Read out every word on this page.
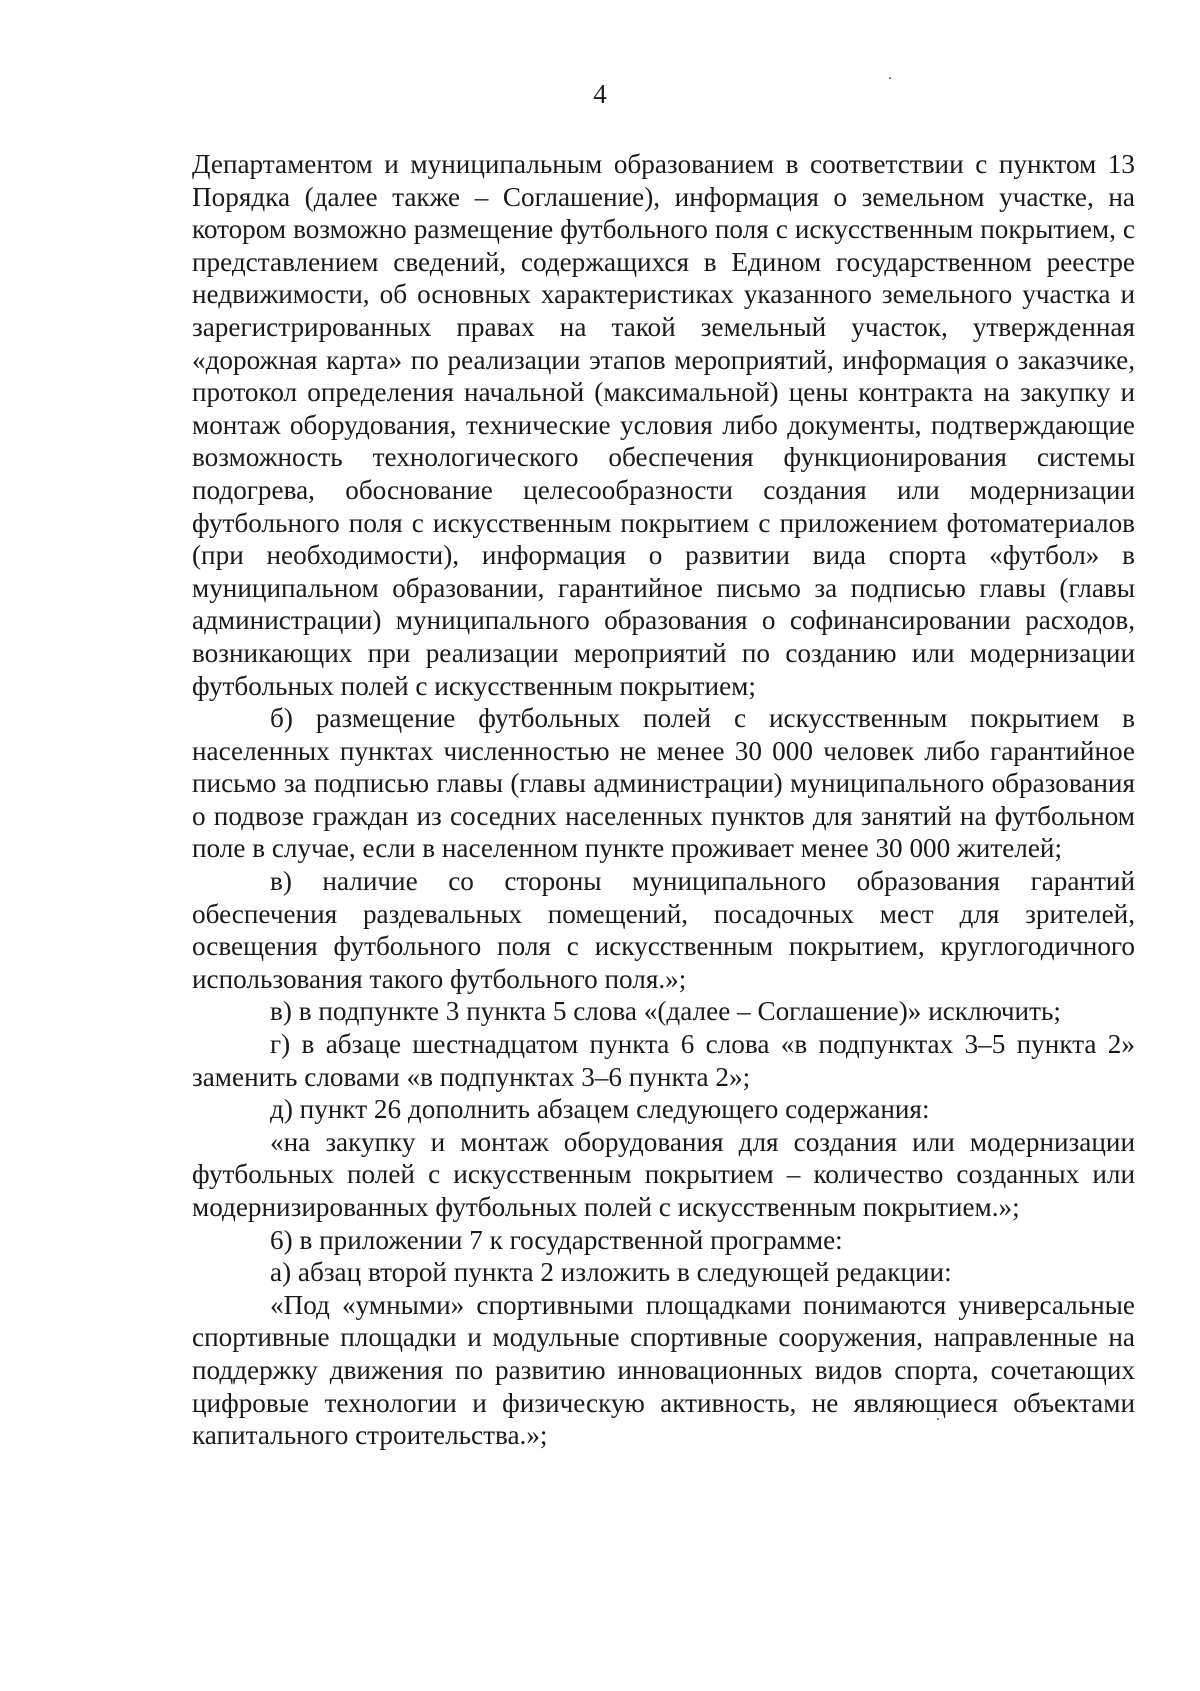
4

Департаментом и муниципальным образованием в соответствии с пунктом 13 Порядка (далее также – Соглашение), информация о земельном участке, на котором возможно размещение футбольного поля с искусственным покрытием, с представлением сведений, содержащихся в Едином государственном реестре недвижимости, об основных характеристиках указанного земельного участка и зарегистрированных правах на такой земельный участок, утвержденная «дорожная карта» по реализации этапов мероприятий, информация о заказчике, протокол определения начальной (максимальной) цены контракта на закупку и монтаж оборудования, технические условия либо документы, подтверждающие возможность технологического обеспечения функционирования системы подогрева, обоснование целесообразности создания или модернизации футбольного поля с искусственным покрытием с приложением фотоматериалов (при необходимости), информация о развитии вида спорта «футбол» в муниципальном образовании, гарантийное письмо за подписью главы (главы администрации) муниципального образования о софинансировании расходов, возникающих при реализации мероприятий по созданию или модернизации футбольных полей с искусственным покрытием;

б) размещение футбольных полей с искусственным покрытием в населенных пунктах численностью не менее 30 000 человек либо гарантийное письмо за подписью главы (главы администрации) муниципального образования о подвозе граждан из соседних населенных пунктов для занятий на футбольном поле в случае, если в населенном пункте проживает менее 30 000 жителей;

в) наличие со стороны муниципального образования гарантий обеспечения раздевальных помещений, посадочных мест для зрителей, освещения футбольного поля с искусственным покрытием, круглогодичного использования такого футбольного поля.»;

в) в подпункте 3 пункта 5 слова «(далее – Соглашение)» исключить;

г) в абзаце шестнадцатом пункта 6 слова «в подпунктах 3–5 пункта 2» заменить словами «в подпунктах 3–6 пункта 2»;

д) пункт 26 дополнить абзацем следующего содержания:

«на закупку и монтаж оборудования для создания или модернизации футбольных полей с искусственным покрытием – количество созданных или модернизированных футбольных полей с искусственным покрытием.»;

6) в приложении 7 к государственной программе:

а) абзац второй пункта 2 изложить в следующей редакции:

«Под «умными» спортивными площадками понимаются универсальные спортивные площадки и модульные спортивные сооружения, направленные на поддержку движения по развитию инновационных видов спорта, сочетающих цифровые технологии и физическую активность, не являющиеся объектами капитального строительства.»;
